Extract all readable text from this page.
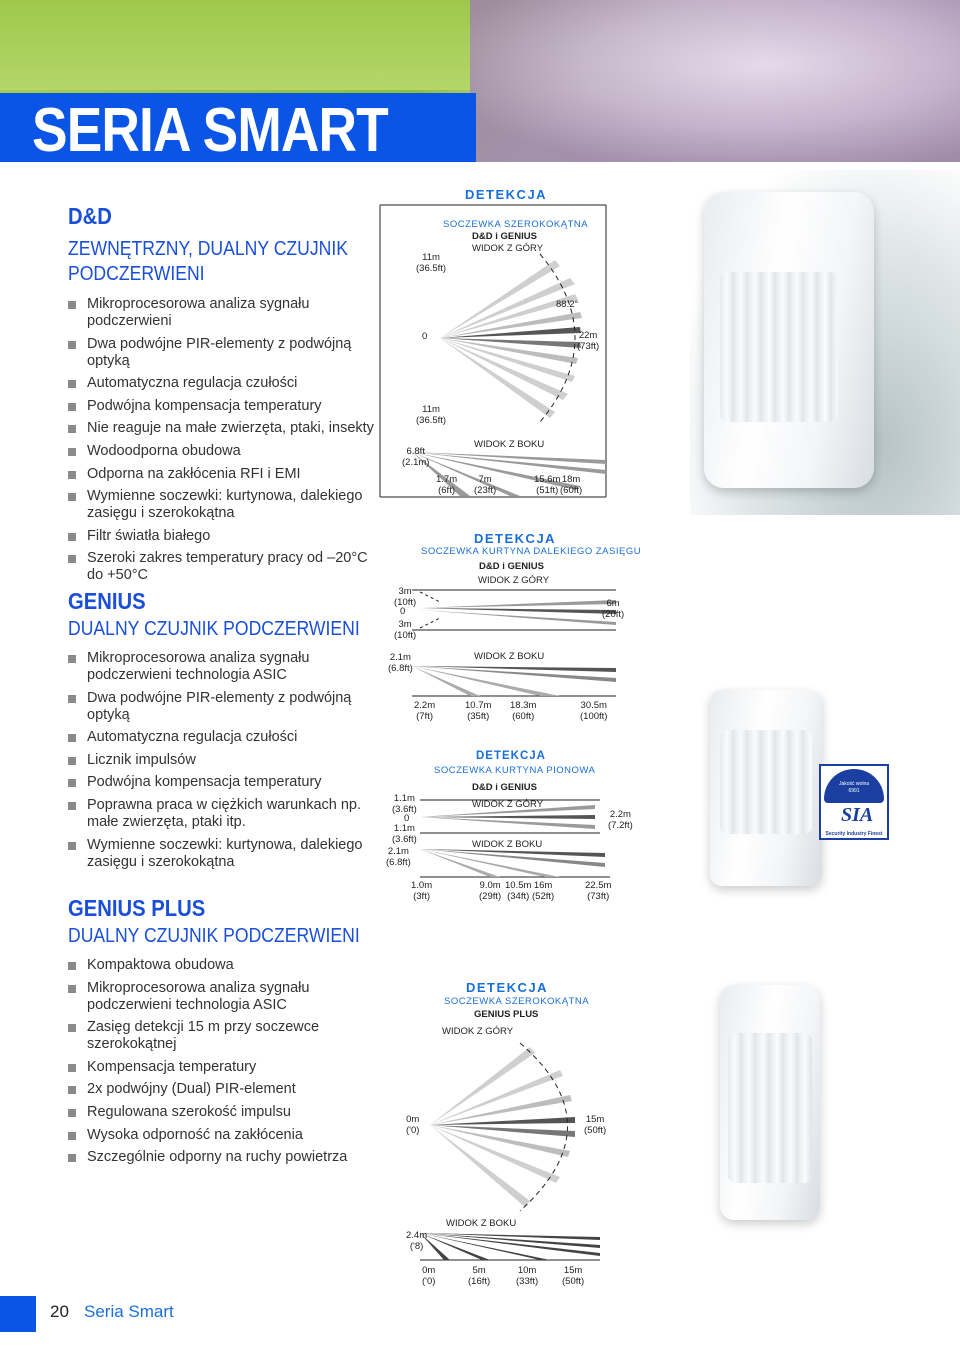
SERIA SMART
D&D
ZEWNĘTRZNY, DUALNY CZUJNIK PODCZERWIENI
Mikroprocesorowa analiza sygnału podczerwieni
Dwa podwójne PIR-elementy z podwójną optyką
Automatyczna regulacja czułości
Podwójna kompensacja temperatury
Nie reaguje na małe zwierzęta, ptaki, insekty
Wodoodporna obudowa
Odporna na zakłócenia RFI i EMI
Wymienne soczewki: kurtynowa, dalekiego zasięgu i szerokokątna
Filtr światła białego
Szeroki zakres temperatury pracy od –20°C do +50°C
GENIUS
DUALNY CZUJNIK PODCZERWIENI
Mikroprocesorowa analiza sygnału podczerwieni technologia ASIC
Dwa podwójne PIR-elementy z podwójną optyką
Automatyczna regulacja czułości
Licznik impulsów
Podwójna kompensacja temperatury
Poprawna praca w ciężkich warunkach np. małe zwierzęta, ptaki itp.
Wymienne soczewki: kurtynowa, dalekiego zasięgu i szerokokątna
GENIUS PLUS
DUALNY CZUJNIK PODCZERWIENI
Kompaktowa obudowa
Mikroprocesorowa analiza sygnału podczerwieni technologia ASIC
Zasięg detekcji 15 m przy soczewce szerokokątnej
Kompensacja temperatury
2x podwójny (Dual) PIR-element
Regulowana szerokość impulsu
Wysoka odporność na zakłócenia
Szczególnie odporny na ruchy powietrza
Jakość wolna
6991
SIA
Security Industry Finest
DETEKCJA
SOCZEWKA SZEROKOKĄTNA
D&D i GENIUS
WIDOK Z GÓRY
WIDOK Z BOKU
11m
(36.5ft)
0
11m
(36.5ft)
88.2°
22m
(73ft)
6.8ft
(2.1m)
1.7m
(6ft)
7m
(23ft)
15.6m
(51ft)
18m
(60ft)
DETEKCJA
SOCZEWKA KURTYNA DALEKIEGO ZASIĘGU
D&D i GENIUS
WIDOK Z GÓRY
WIDOK Z BOKU
3m
(10ft)
0
3m
(10ft)
6m
(20ft)
2.1m
(6.8ft)
2.2m
(7ft)
10.7m
(35ft)
18.3m
(60ft)
30.5m
(100ft)
DETEKCJA
SOCZEWKA KURTYNA PIONOWA
D&D i GENIUS
WIDOK Z GÓRY
WIDOK Z BOKU
1.1m
(3.6ft)
0
1.1m
(3.6ft)
2.2m
(7.2ft)
2.1m
(6.8ft)
1.0m
(3ft)
9.0m
(29ft)
10.5m
(34ft)
16m
(52ft)
22.5m
(73ft)
DETEKCJA
SOCZEWKA SZEROKOKĄTNA
GENIUS PLUS
WIDOK Z GÓRY
WIDOK Z BOKU
0m
('0)
15m
(50ft)
2.4m
('8)
0m
('0)
5m
(16ft)
10m
(33ft)
15m
(50ft)
20 Seria Smart
